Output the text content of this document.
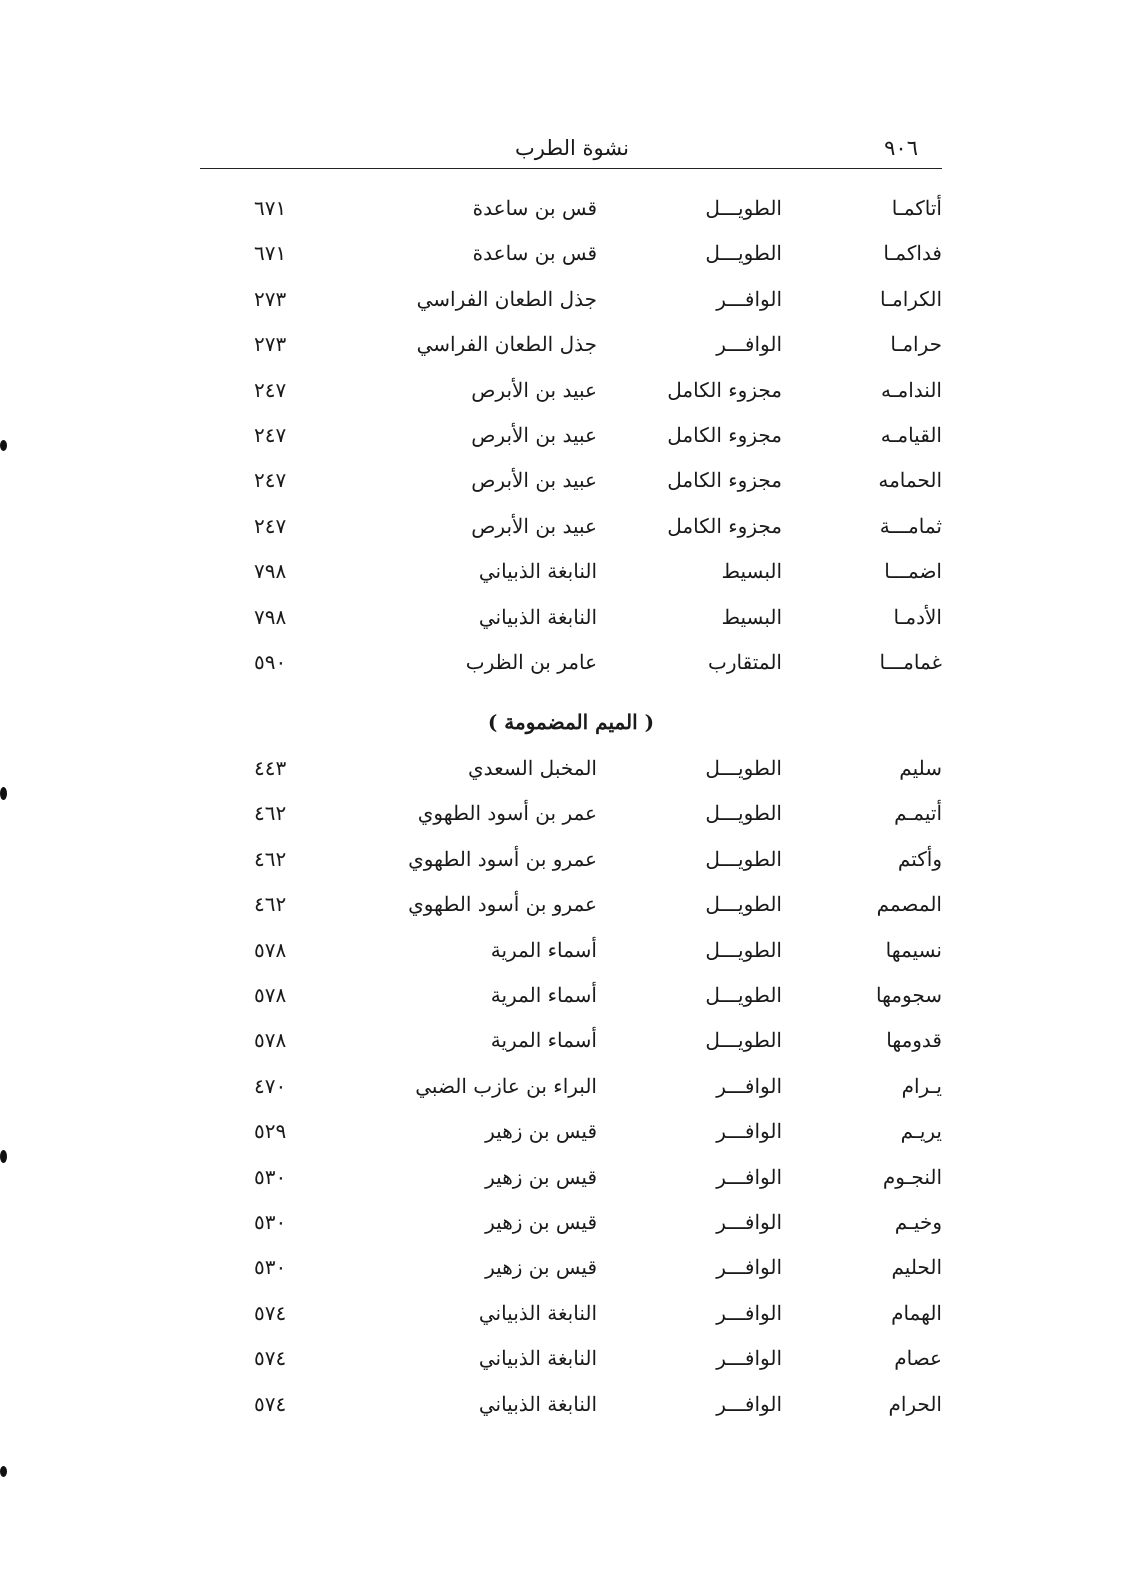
٩٠٦
نشوة الطرب
أتاكمـا
الطويـــل
قس بن ساعدة
٦٧١
فداكمـا
الطويـــل
قس بن ساعدة
٦٧١
الكرامـا
الوافـــر
جذل الطعان الفراسي
٢٧٣
حرامـا
الوافـــر
جذل الطعان الفراسي
٢٧٣
الندامـه
مجزوء الكامل
عبيد بن الأبرص
٢٤٧
القيامـه
مجزوء الكامل
عبيد بن الأبرص
٢٤٧
الحمامه
مجزوء الكامل
عبيد بن الأبرص
٢٤٧
ثمامـــة
مجزوء الكامل
عبيد بن الأبرص
٢٤٧
اضمـــا
البسيط
النابغة الذبياني
٧٩٨
الأدمـا
البسيط
النابغة الذبياني
٧٩٨
غمامـــا
المتقارب
عامر بن الظرب
٥٩٠
( الميم المضمومة )
سليم
الطويـــل
المخبل السعدي
٤٤٣
أتيمـم
الطويـــل
عمر بن أسود الطهوي
٤٦٢
وأكتم
الطويـــل
عمرو بن أسود الطهوي
٤٦٢
المصمم
الطويـــل
عمرو بن أسود الطهوي
٤٦٢
نسيمها
الطويـــل
أسماء المرية
٥٧٨
سجومها
الطويـــل
أسماء المرية
٥٧٨
قدومها
الطويـــل
أسماء المرية
٥٧٨
يـرام
الوافـــر
البراء بن عازب الضبي
٤٧٠
يريـم
الوافـــر
قيس بن زهير
٥٢٩
النجـوم
الوافـــر
قيس بن زهير
٥٣٠
وخيـم
الوافـــر
قيس بن زهير
٥٣٠
الحليم
الوافـــر
قيس بن زهير
٥٣٠
الهمام
الوافـــر
النابغة الذبياني
٥٧٤
عصام
الوافـــر
النابغة الذبياني
٥٧٤
الحرام
الوافـــر
النابغة الذبياني
٥٧٤
